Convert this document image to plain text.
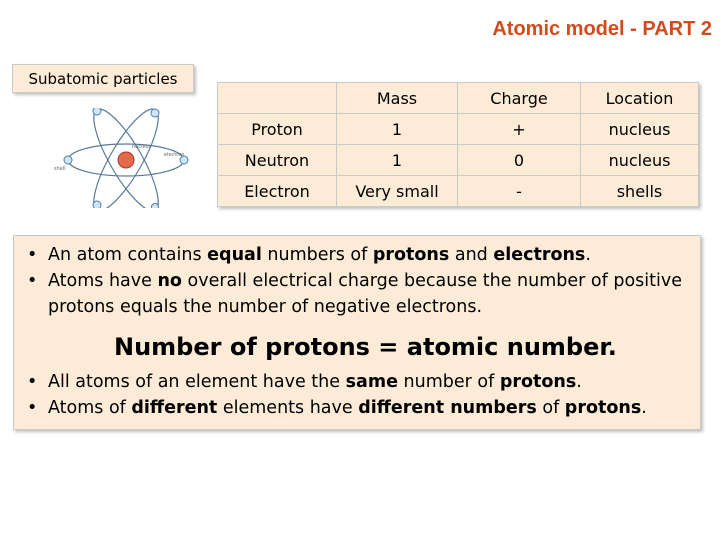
Atomic model - PART 2
Subatomic particles
nucleus
electron
shell
	Mass	Charge	Location
Proton	1	+	nucleus
Neutron	1	0	nucleus
Electron	Very small	-	shells
• An atom contains equal numbers of protons and electrons.
• Atoms have no overall electrical charge because the number of positive protons equals the number of negative electrons.
Number of protons = atomic number.
• All atoms of an element have the same number of protons.
• Atoms of different elements have different numbers of protons.
